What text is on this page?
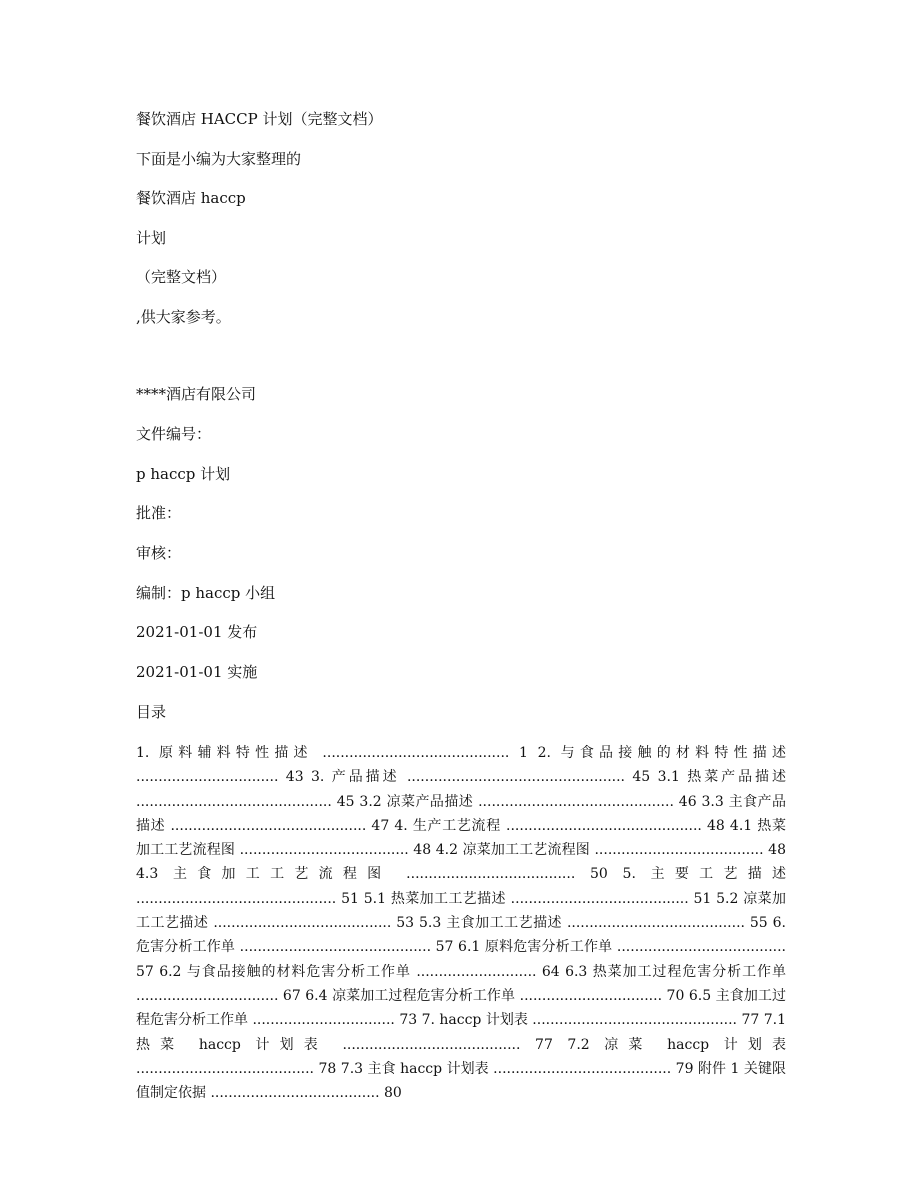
餐饮酒店 HACCP 计划（完整文档）
下面是小编为大家整理的
餐饮酒店 haccp
计划
（完整文档）
,供大家参考。
****酒店有限公司
文件编号：
p haccp 计划
批准：
审核：
编制：p haccp 小组
2021-01-01 发布
2021-01-01 实施
目录
1. 原料辅料特性描述 .......................................... 1 2. 与食品接触的材料特性描述 ................................ 43 3. 产品描述 ................................................. 45 3.1 热菜产品描述 ............................................ 45 3.2 凉菜产品描述 ............................................ 46 3.3 主食产品描述 ............................................ 47 4. 生产工艺流程 ............................................ 48 4.1 热菜加工工艺流程图 ...................................... 48 4.2 凉菜加工工艺流程图 ...................................... 48 4.3 主食加工工艺流程图 ...................................... 50 5. 主要工艺描述 ............................................. 51 5.1 热菜加工工艺描述 ........................................ 51 5.2 凉菜加工工艺描述 ........................................ 53 5.3 主食加工工艺描述 ........................................ 55 6. 危害分析工作单 ........................................... 57 6.1 原料危害分析工作单 ...................................... 57 6.2 与食品接触的材料危害分析工作单 ........................... 64 6.3 热菜加工过程危害分析工作单 ................................ 67 6.4 凉菜加工过程危害分析工作单 ................................ 70 6.5 主食加工过程危害分析工作单 ................................ 73 7. haccp 计划表 .............................................. 77 7.1 热菜 haccp 计划表 ........................................ 77 7.2 凉菜 haccp 计划表 ........................................ 78 7.3 主食 haccp 计划表 ........................................ 79 附件 1 关键限值制定依据 ...................................... 80
